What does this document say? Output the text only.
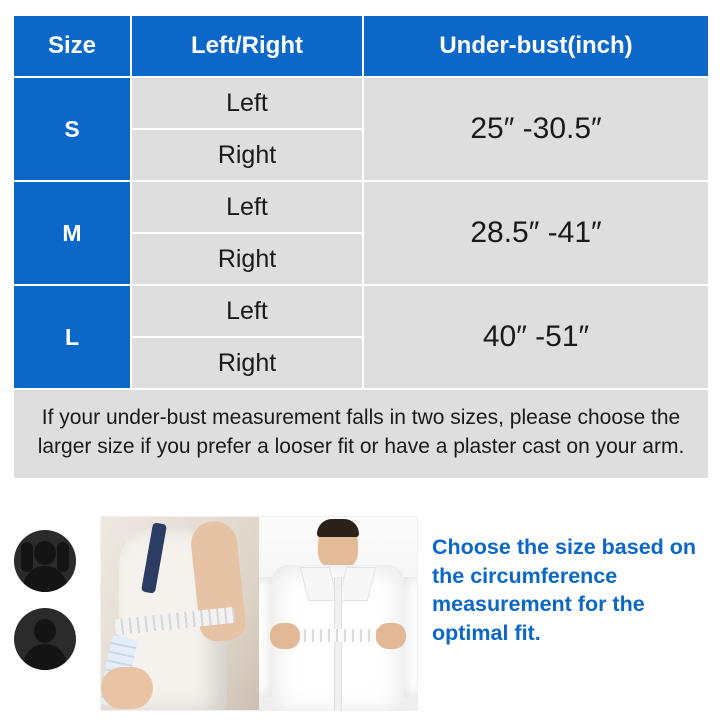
Size	Left/Right	Under-bust(inch)
S	Left	25″ -30.5″
	Right	
M	Left	28.5″ -41″
	Right	
L	Left	40″ -51″
	Right	
If your under-bust measurement falls in two sizes, please choose the larger size if you prefer a looser fit or have a plaster cast on your arm.		
Choose the size based on the circumference measurement for the optimal fit.
